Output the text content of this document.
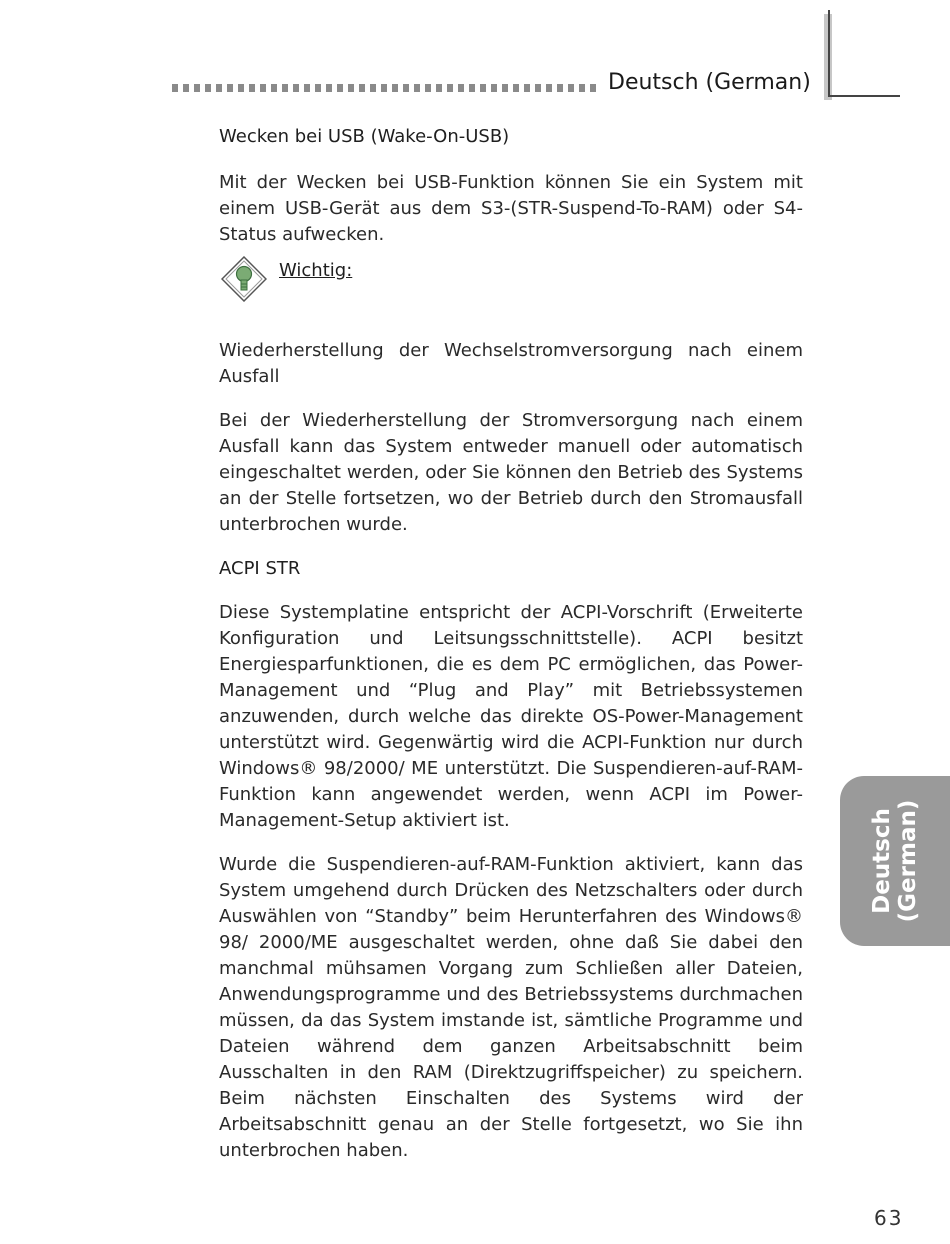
Deutsch (German)

Wecken bei USB (Wake-On-USB)

Mit der Wecken bei USB-Funktion können Sie ein System mit einem USB-Gerät aus dem S3-(STR-Suspend-To-RAM) oder S4-Status aufwecken.

Wichtig:

Wiederherstellung der Wechselstromversorgung nach einem Ausfall

Bei der Wiederherstellung der Stromversorgung nach einem Ausfall kann das System entweder manuell oder automatisch eingeschaltet werden, oder Sie können den Betrieb des Systems an der Stelle fortsetzen, wo der Betrieb durch den Stromausfall unterbrochen wurde.

ACPI STR

Diese Systemplatine entspricht der ACPI-Vorschrift (Erweiterte Konfiguration und Leitsungsschnittstelle). ACPI besitzt Energiesparfunktionen, die es dem PC ermöglichen, das Power-Management und “Plug and Play” mit Betriebssystemen anzuwenden, durch welche das direkte OS-Power-Management unterstützt wird. Gegenwärtig wird die ACPI-Funktion nur durch Windows® 98/2000/ ME unterstützt. Die Suspendieren-auf-RAM-Funktion kann angewendet werden, wenn ACPI im Power-Management-Setup aktiviert ist.

Wurde die Suspendieren-auf-RAM-Funktion aktiviert, kann das System umgehend durch Drücken des Netzschalters oder durch Auswählen von “Standby” beim Herunterfahren des Windows® 98/ 2000/ME ausgeschaltet werden, ohne daß Sie dabei den manchmal mühsamen Vorgang zum Schließen aller Dateien, Anwendungsprogramme und des Betriebssystems durchmachen müssen, da das System imstande ist, sämtliche Programme und Dateien während dem ganzen Arbeitsabschnitt beim Ausschalten in den RAM (Direktzugriffspeicher) zu speichern. Beim nächsten Einschalten des Systems wird der Arbeitsabschnitt genau an der Stelle fortgesetzt, wo Sie ihn unterbrochen haben.

Deutsch (German)
63
